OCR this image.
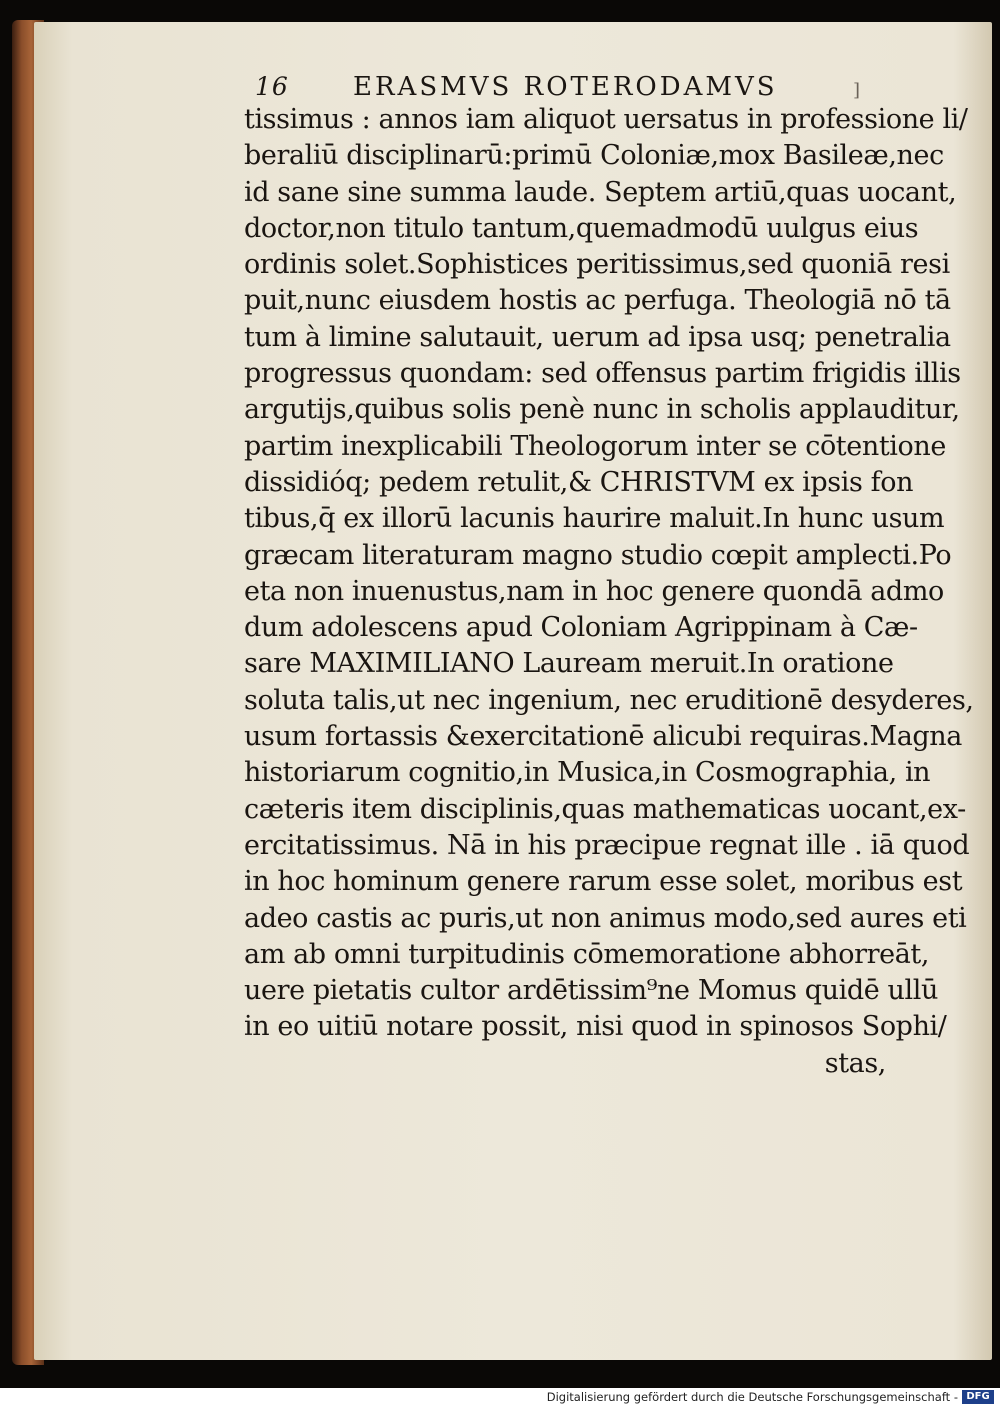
16 ERASMVS ROTERODAMVS	]
tissimus : annos iam aliquot uersatus in professione li/
beraliū disciplinarū:primū Coloniæ,mox Basileæ,nec
id sane sine summa laude. Septem artiū,quas uocant,
doctor,non titulo tantum,quemadmodū uulgus eius
ordinis solet.Sophistices peritissimus,sed quoniā resi
puit,nunc eiusdem hostis ac perfuga. Theologiā nō tā
tum à limine salutauit, uerum ad ipsa usq; penetralia
progressus quondam: sed offensus partim frigidis illis
argutijs,quibus solis penè nunc in scholis applauditur,
partim inexplicabili Theologorum inter se cōtentione
dissidióq; pedem retulit,& CHRISTVM ex ipsis fon
tibus,q̄ ex illorū lacunis haurire maluit.In hunc usum
græcam literaturam magno studio cœpit amplecti.Po
eta non inuenustus,nam in hoc genere quondā admo
dum adolescens apud Coloniam Agrippinam à Cæ-
sare MAXIMILIANO Lauream meruit.In oratione
soluta talis,ut nec ingenium, nec eruditionē desyderes,
usum fortassis &exercitationē alicubi requiras.Magna
historiarum cognitio,in Musica,in Cosmographia, in
cæteris item disciplinis,quas mathematicas uocant,ex-
ercitatissimus. Nā in his præcipue regnat ille . iā quod
in hoc hominum genere rarum esse solet, moribus est
adeo castis ac puris,ut non animus modo,sed aures eti
am ab omni turpitudinis cōmemoratione abhorreāt,
uere pietatis cultor ardētissim⁹ne Momus quidē ullū
in eo uitiū notare possit, nisi quod in spinosos Sophi/
stas,
Digitalisierung gefördert durch die Deutsche Forschungsgemeinschaft - DFG
